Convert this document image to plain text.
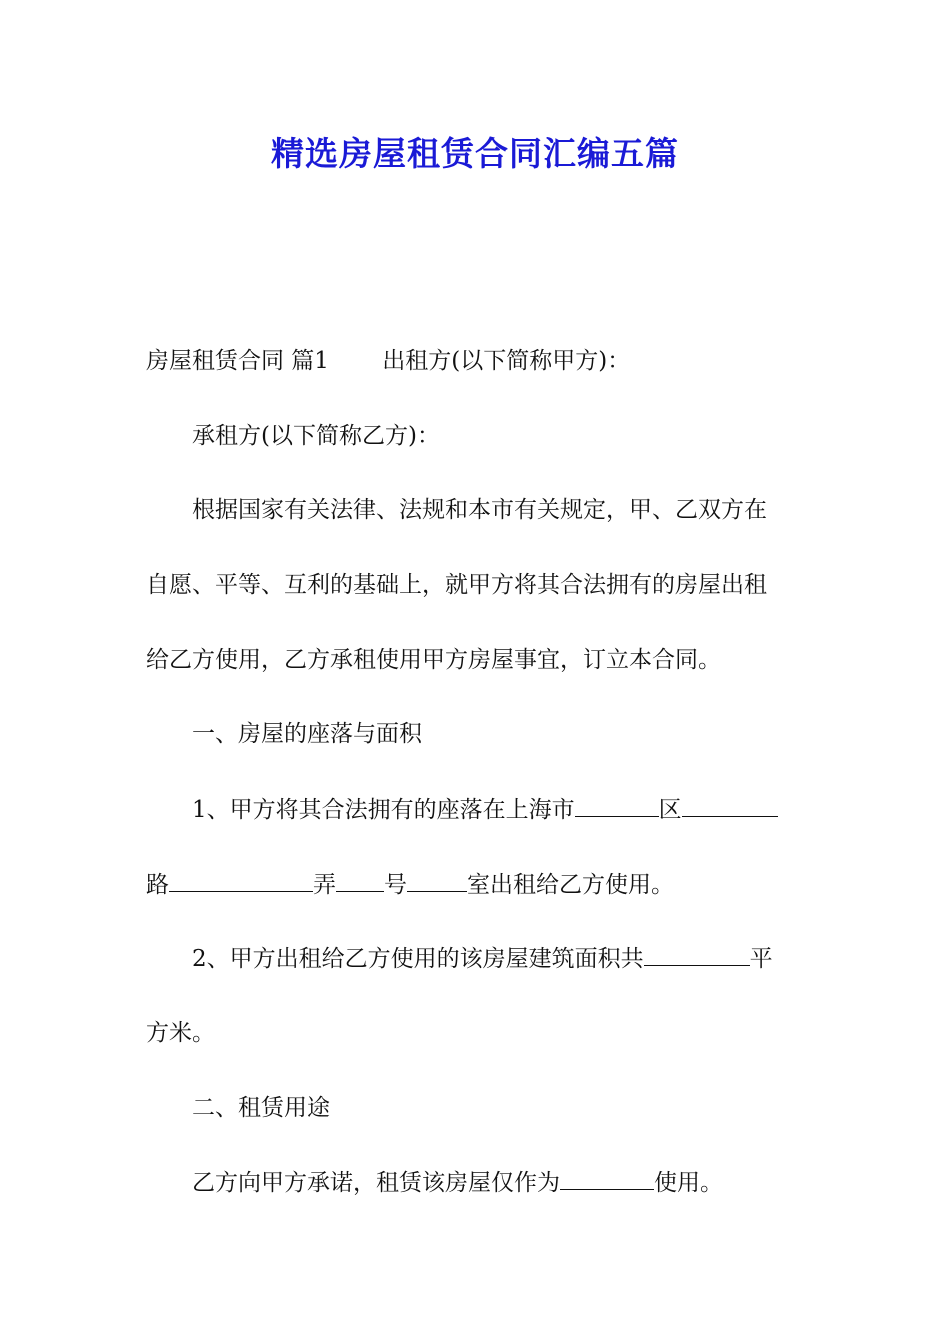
精选房屋租赁合同汇编五篇

房屋租赁合同 篇1　　 出租方(以下简称甲方)：

承租方(以下简称乙方)：

根据国家有关法律、法规和本市有关规定，甲、乙双方在

自愿、平等、互利的基础上，就甲方将其合法拥有的房屋出租

给乙方使用，乙方承租使用甲方房屋事宜，订立本合同。

一、房屋的座落与面积

1、甲方将其合法拥有的座落在上海市	区

路	弄 号	室出租给乙方使用。

2、甲方出租给乙方使用的该房屋建筑面积共	平

方米。

二、租赁用途

乙方向甲方承诺，租赁该房屋仅作为	使用。
